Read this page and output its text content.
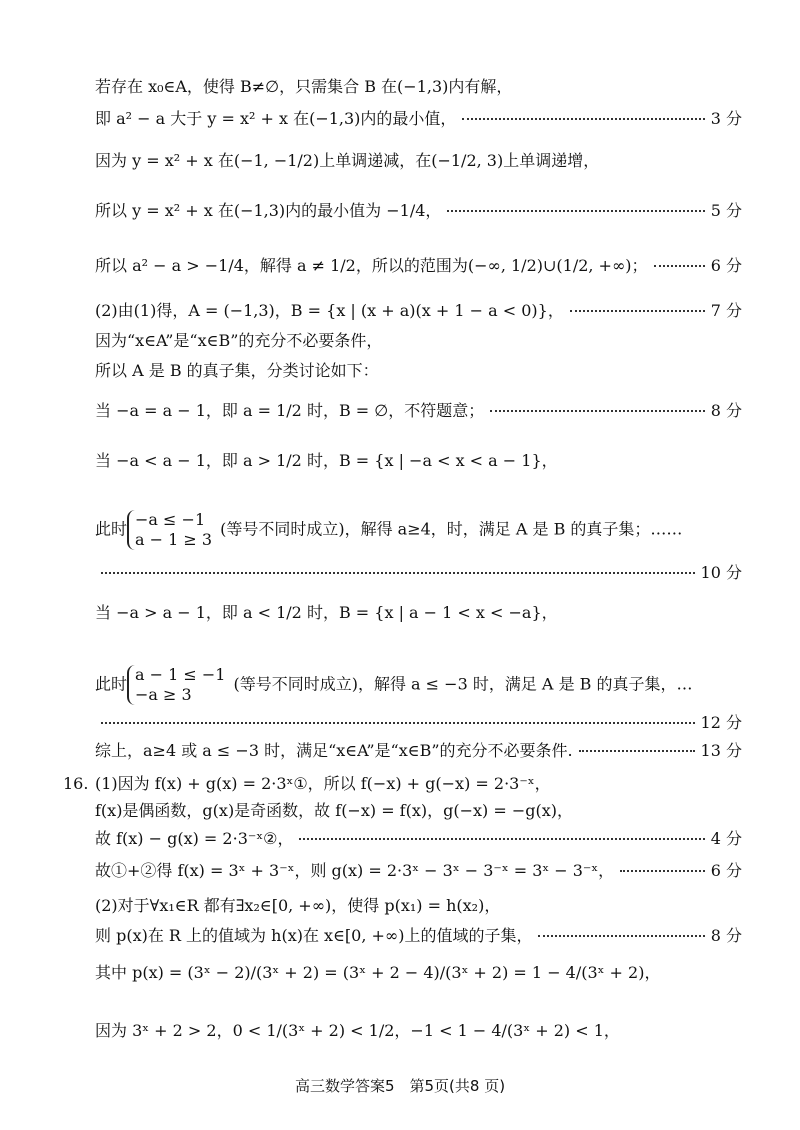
若存在 x₀∈A，使得 B≠∅，只需集合 B 在(−1,3)内有解，
即 a² − a 大于 y = x² + x 在(−1,3)内的最小值，	3 分
因为 y = x² + x 在(−1, −1/2)上单调递减，在(−1/2, 3)上单调递增，
所以 y = x² + x 在(−1,3)内的最小值为 −1/4，	5 分
所以 a² − a > −1/4，解得 a ≠ 1/2，所以的范围为(−∞, 1/2)∪(1/2, +∞)；	6 分
(2)由(1)得，A = (−1,3)，B = {x | (x + a)(x + 1 − a < 0)}，	7 分
因为“x∈A”是“x∈B”的充分不必要条件，
所以 A 是 B 的真子集，分类讨论如下：
当 −a = a − 1，即 a = 1/2 时，B = ∅，不符题意；	8 分
当 −a < a − 1，即 a > 1/2 时，B = {x | −a < x < a − 1}，
此时 −a ≤ −1
a − 1 ≥ 3
(等号不同时成立)，解得 a≥4，时，满足 A 是 B 的真子集；……
10 分
当 −a > a − 1，即 a < 1/2 时，B = {x | a − 1 < x < −a}，
此时 a − 1 ≤ −1
−a ≥ 3
(等号不同时成立)，解得 a ≤ −3 时，满足 A 是 B 的真子集，…
12 分
综上，a≥4 或 a ≤ −3 时，满足“x∈A”是“x∈B”的充分不必要条件.	13 分
16. (1)因为 f(x) + g(x) = 2·3ˣ①，所以 f(−x) + g(−x) = 2·3⁻ˣ，
f(x)是偶函数，g(x)是奇函数，故 f(−x) = f(x)，g(−x) = −g(x)，
故 f(x) − g(x) = 2·3⁻ˣ②，	4 分
故①+②得 f(x) = 3ˣ + 3⁻ˣ，则 g(x) = 2·3ˣ − 3ˣ − 3⁻ˣ = 3ˣ − 3⁻ˣ，	6 分
(2)对于∀x₁∈R 都有∃x₂∈[0, +∞)，使得 p(x₁) = h(x₂)，
则 p(x)在 R 上的值域为 h(x)在 x∈[0, +∞)上的值域的子集，	8 分
其中 p(x) = (3ˣ − 2)/(3ˣ + 2) = (3ˣ + 2 − 4)/(3ˣ + 2) = 1 − 4/(3ˣ + 2)，
因为 3ˣ + 2 > 2，0 < 1/(3ˣ + 2) < 1/2，−1 < 1 − 4/(3ˣ + 2) < 1，
高三数学答案5　第5页(共8 页)
